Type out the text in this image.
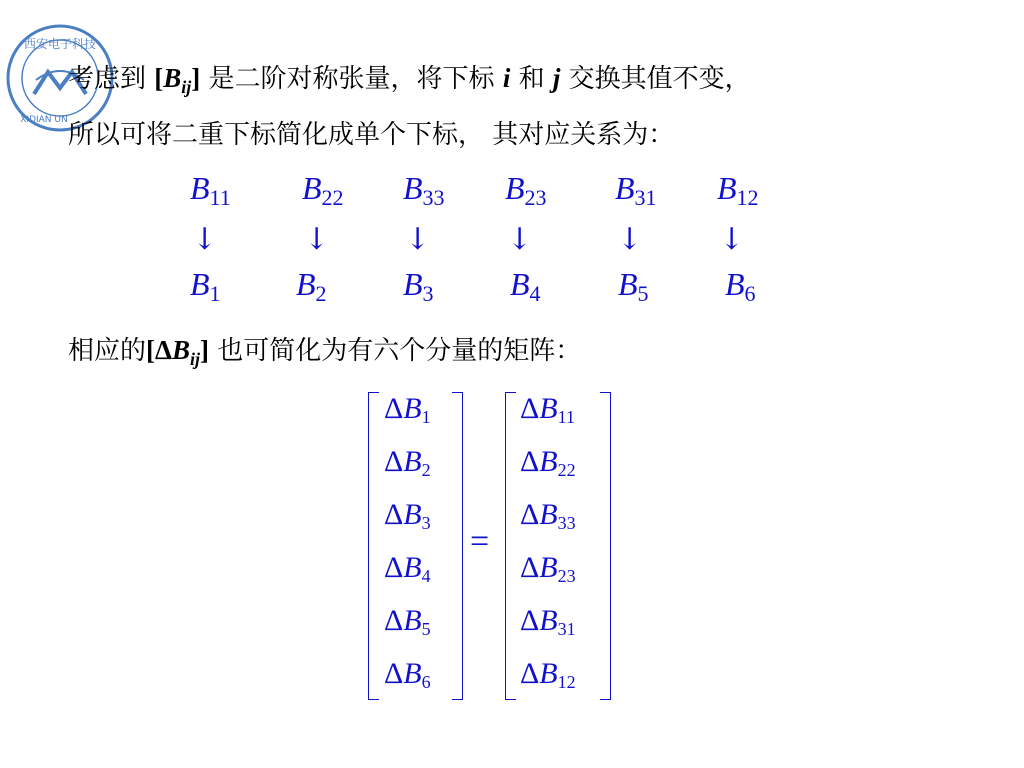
西安电子科技
XIDIAN UN
考虑到 $[B_{ij}]$ 是二阶对称张量，将下标 i 和 j 交换其值不变，
所以可将二重下标简化成单个下标， 其对应关系为：
$B_{11}$
↓
$B_{22}$
↓
$B_{33}$
↓
$B_{23}$
↓
$B_{31}$
↓
$B_{12}$
↓
$B_1$ $B_2$ $B_3$ $B_4$ $B_5$ $B_6$
相应的$[\Delta B_{ij}]$ 也可简化为有六个分量的矩阵：
=
$\Delta B_1$
$\Delta B_2$
$\Delta B_3$
$\Delta B_4$
$\Delta B_5$
$\Delta B_6$
$\Delta B_{11}$
$\Delta B_{22}$
$\Delta B_{33}$
$\Delta B_{23}$
$\Delta B_{31}$
$\Delta B_{12}$
